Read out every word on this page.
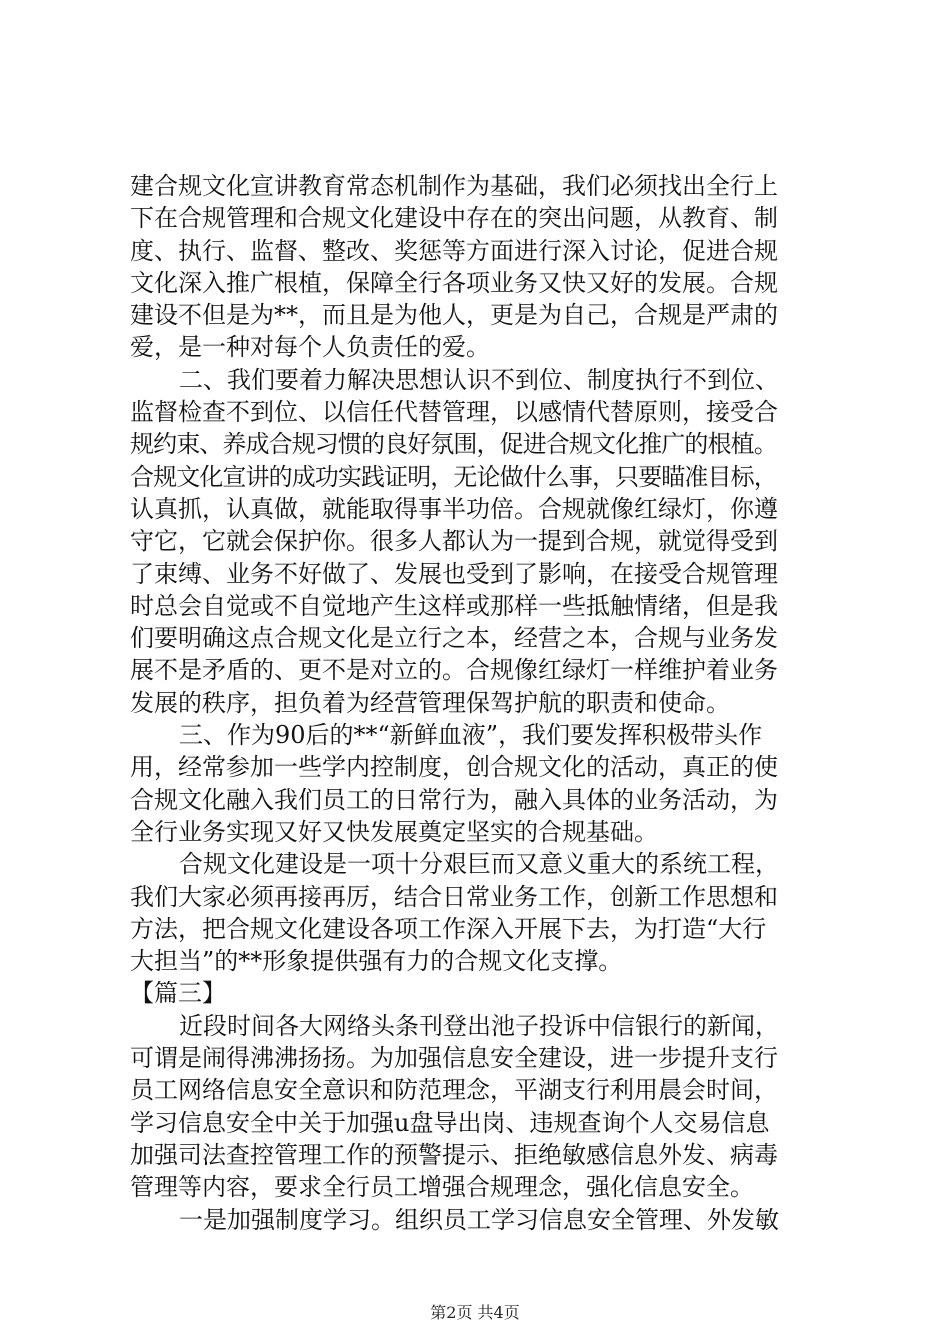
建合规文化宣讲教育常态机制作为基础，我们必须找出全行上
下在合规管理和合规文化建设中存在的突出问题，从教育、制
度、执行、监督、整改、奖惩等方面进行深入讨论，促进合规
文化深入推广根植，保障全行各项业务又快又好的发展。合规
建设不但是为**，而且是为他人，更是为自己，合规是严肃的
爱，是一种对每个人负责任的爱。
二、我们要着力解决思想认识不到位、制度执行不到位、
监督检查不到位、以信任代替管理，以感情代替原则，接受合
规约束、养成合规习惯的良好氛围，促进合规文化推广的根植。
合规文化宣讲的成功实践证明，无论做什么事，只要瞄准目标，
认真抓，认真做，就能取得事半功倍。合规就像红绿灯，你遵
守它，它就会保护你。很多人都认为一提到合规，就觉得受到
了束缚、业务不好做了、发展也受到了影响，在接受合规管理
时总会自觉或不自觉地产生这样或那样一些抵触情绪，但是我
们要明确这点合规文化是立行之本，经营之本，合规与业务发
展不是矛盾的、更不是对立的。合规像红绿灯一样维护着业务
发展的秩序，担负着为经营管理保驾护航的职责和使命。
三、作为90后的**“新鲜血液”，我们要发挥积极带头作
用，经常参加一些学内控制度，创合规文化的活动，真正的使
合规文化融入我们员工的日常行为，融入具体的业务活动，为
全行业务实现又好又快发展奠定坚实的合规基础。
合规文化建设是一项十分艰巨而又意义重大的系统工程，
我们大家必须再接再厉，结合日常业务工作，创新工作思想和
方法，把合规文化建设各项工作深入开展下去，为打造“大行
大担当”的**形象提供强有力的合规文化支撑。
【篇三】
近段时间各大网络头条刊登出池子投诉中信银行的新闻，
可谓是闹得沸沸扬扬。为加强信息安全建设，进一步提升支行
员工网络信息安全意识和防范理念，平湖支行利用晨会时间，
学习信息安全中关于加强u盘导出岗、违规查询个人交易信息
加强司法查控管理工作的预警提示、拒绝敏感信息外发、病毒
管理等内容，要求全行员工增强合规理念，强化信息安全。
一是加强制度学习。组织员工学习信息安全管理、外发敏
第2页 共4页
